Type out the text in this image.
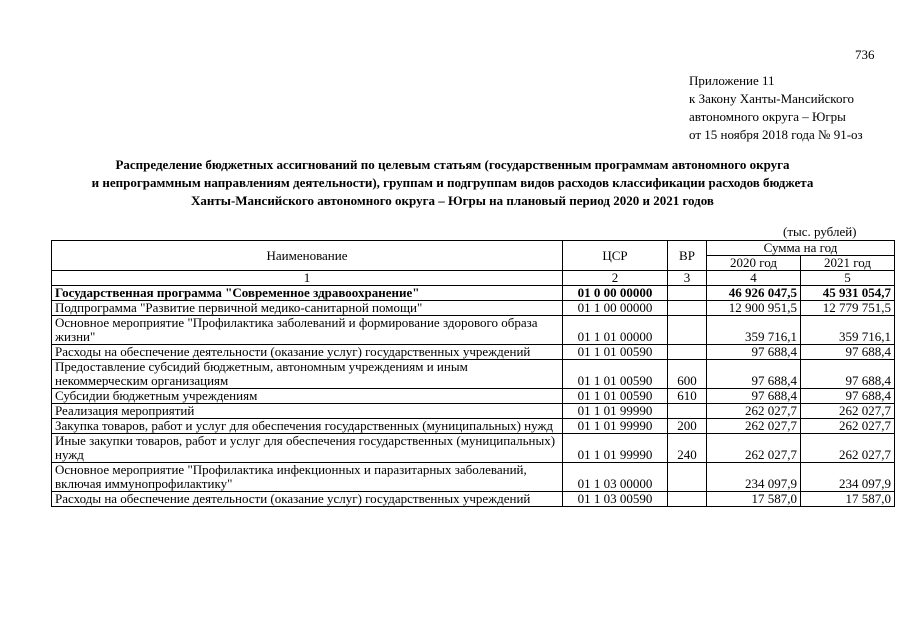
736
Приложение 11
к Закону Ханты-Мансийского
автономного округа – Югры
от 15 ноября 2018 года № 91-оз
Распределение бюджетных ассигнований по целевым статьям (государственным программам автономного округа
и непрограммным направлениям деятельности), группам и подгруппам видов расходов классификации расходов бюджета
Ханты-Мансийского автономного округа – Югры на плановый период 2020 и 2021 годов
(тыс. рублей)
Наименование	ЦСР	ВР	Сумма на год	
			2020 год	2021 год
1	2	3	4	5
Государственная программа "Современное здравоохранение"	01 0 00 00000		46 926 047,5	45 931 054,7
Подпрограмма "Развитие первичной медико-санитарной помощи"	01 1 00 00000		12 900 951,5	12 779 751,5
Основное мероприятие "Профилактика заболеваний и формирование здорового образа жизни"	01 1 01 00000		359 716,1	359 716,1
Расходы на обеспечение деятельности (оказание услуг) государственных учреждений	01 1 01 00590		97 688,4	97 688,4
Предоставление субсидий бюджетным, автономным учреждениям и иным некоммерческим организациям	01 1 01 00590	600	97 688,4	97 688,4
Субсидии бюджетным учреждениям	01 1 01 00590	610	97 688,4	97 688,4
Реализация мероприятий	01 1 01 99990		262 027,7	262 027,7
Закупка товаров, работ и услуг для обеспечения государственных (муниципальных) нужд	01 1 01 99990	200	262 027,7	262 027,7
Иные закупки товаров, работ и услуг для обеспечения государственных (муниципальных) нужд	01 1 01 99990	240	262 027,7	262 027,7
Основное мероприятие "Профилактика инфекционных и паразитарных заболеваний, включая иммунопрофилактику"	01 1 03 00000		234 097,9	234 097,9
Расходы на обеспечение деятельности (оказание услуг) государственных учреждений	01 1 03 00590		17 587,0	17 587,0
